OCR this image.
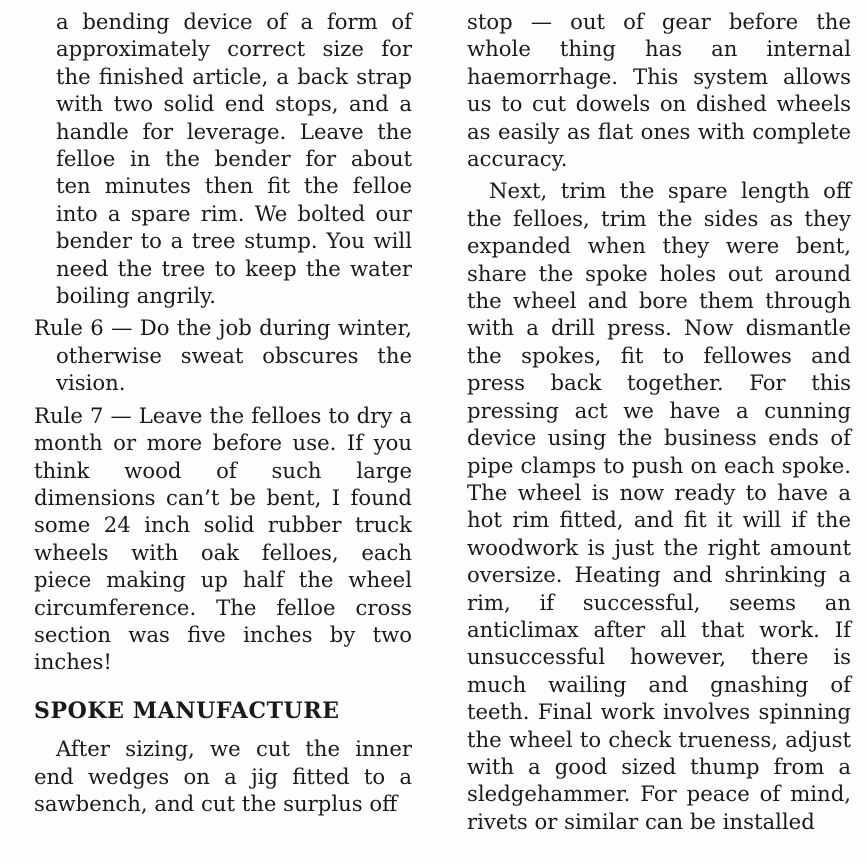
a bending device of a form of approximately correct size for the finished article, a back strap with two solid end stops, and a handle for leverage. Leave the felloe in the bender for about ten minutes then fit the felloe into a spare rim. We bolted our bender to a tree stump. You will need the tree to keep the water boiling angrily.

Rule 6 — Do the job during winter, otherwise sweat obscures the vision.

Rule 7 — Leave the felloes to dry a month or more before use. If you think wood of such large dimensions can’t be bent, I found some 24 inch solid rubber truck wheels with oak felloes, each piece making up half the wheel circumference. The felloe cross section was five inches by two inches!

SPOKE MANUFACTURE

After sizing, we cut the inner end wedges on a jig fitted to a sawbench, and cut the surplus off

stop — out of gear before the whole thing has an internal haemorrhage. This system allows us to cut dowels on dished wheels as easily as flat ones with complete accuracy.

Next, trim the spare length off the felloes, trim the sides as they expanded when they were bent, share the spoke holes out around the wheel and bore them through with a drill press. Now dismantle the spokes, fit to fellowes and press back together. For this pressing act we have a cunning device using the business ends of pipe clamps to push on each spoke. The wheel is now ready to have a hot rim fitted, and fit it will if the woodwork is just the right amount oversize. Heating and shrinking a rim, if successful, seems an anticlimax after all that work. If unsuccessful however, there is much wailing and gnashing of teeth. Final work involves spinning the wheel to check trueness, adjust with a good sized thump from a sledgehammer. For peace of mind, rivets or similar can be installed
